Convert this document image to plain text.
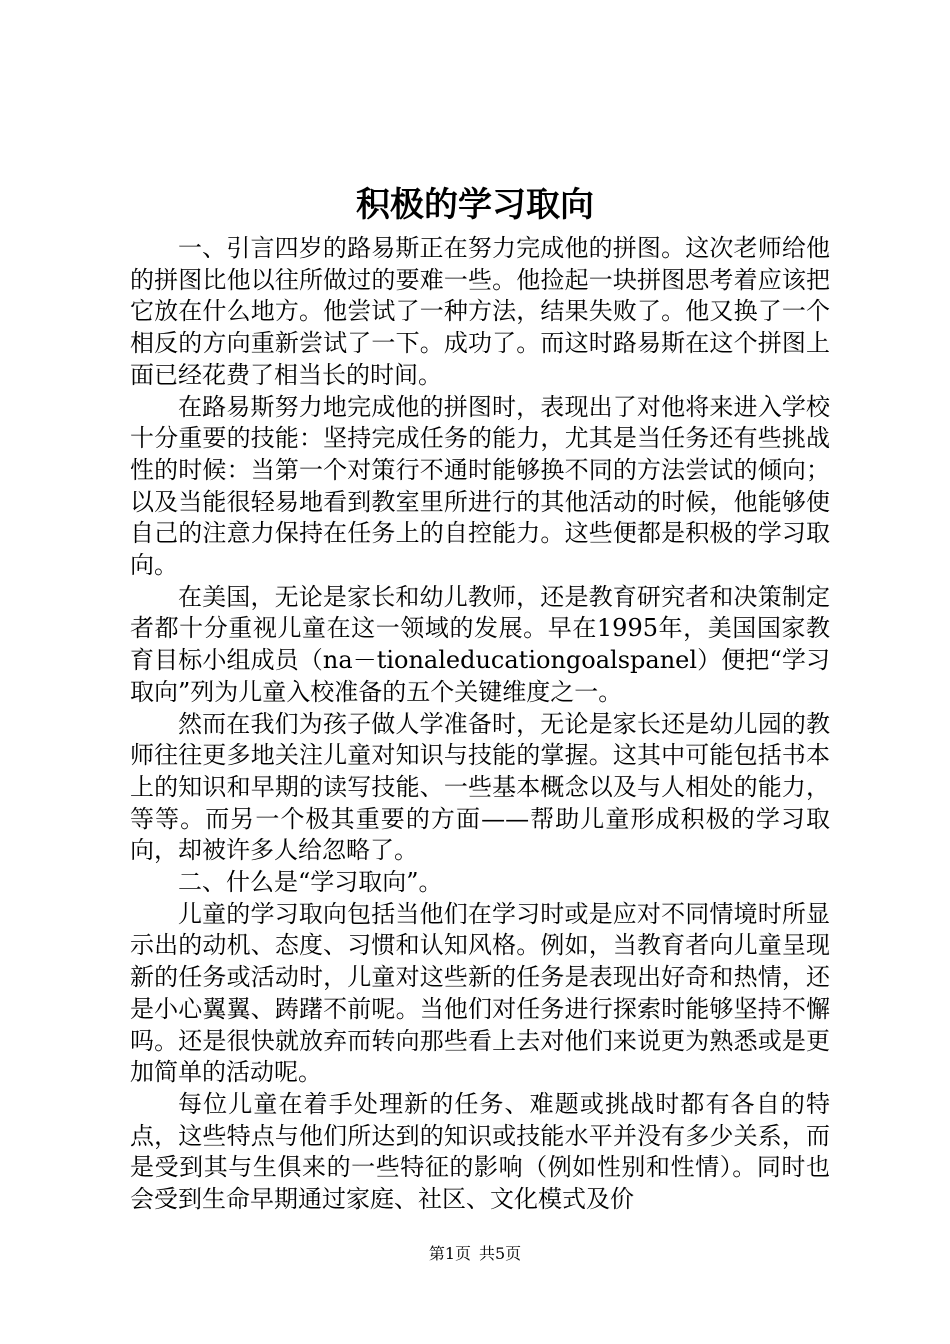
积极的学习取向

一、引言四岁的路易斯正在努力完成他的拼图。这次老师给他的拼图比他以往所做过的要难一些。他捡起一块拼图思考着应该把它放在什么地方。他尝试了一种方法，结果失败了。他又换了一个相反的方向重新尝试了一下。成功了。而这时路易斯在这个拼图上面已经花费了相当长的时间。

在路易斯努力地完成他的拼图时，表现出了对他将来进入学校十分重要的技能：坚持完成任务的能力，尤其是当任务还有些挑战性的时候：当第一个对策行不通时能够换不同的方法尝试的倾向；以及当能很轻易地看到教室里所进行的其他活动的时候，他能够使自己的注意力保持在任务上的自控能力。这些便都是积极的学习取向。

在美国，无论是家长和幼儿教师，还是教育研究者和决策制定者都十分重视儿童在这一领域的发展。早在1995年，美国国家教育目标小组成员（na－tionaleducationgoalspanel）便把“学习取向”列为儿童入校准备的五个关键维度之一。

然而在我们为孩子做人学准备时，无论是家长还是幼儿园的教师往往更多地关注儿童对知识与技能的掌握。这其中可能包括书本上的知识和早期的读写技能、一些基本概念以及与人相处的能力，等等。而另一个极其重要的方面——帮助儿童形成积极的学习取向，却被许多人给忽略了。

二、什么是“学习取向”。

儿童的学习取向包括当他们在学习时或是应对不同情境时所显示出的动机、态度、习惯和认知风格。例如，当教育者向儿童呈现新的任务或活动时，儿童对这些新的任务是表现出好奇和热情，还是小心翼翼、踌躇不前呢。当他们对任务进行探索时能够坚持不懈吗。还是很快就放弃而转向那些看上去对他们来说更为熟悉或是更加简单的活动呢。

每位儿童在着手处理新的任务、难题或挑战时都有各自的特点，这些特点与他们所达到的知识或技能水平并没有多少关系，而是受到其与生俱来的一些特征的影响（例如性别和性情）。同时也会受到生命早期通过家庭、社区、文化模式及价

第1页 共5页
